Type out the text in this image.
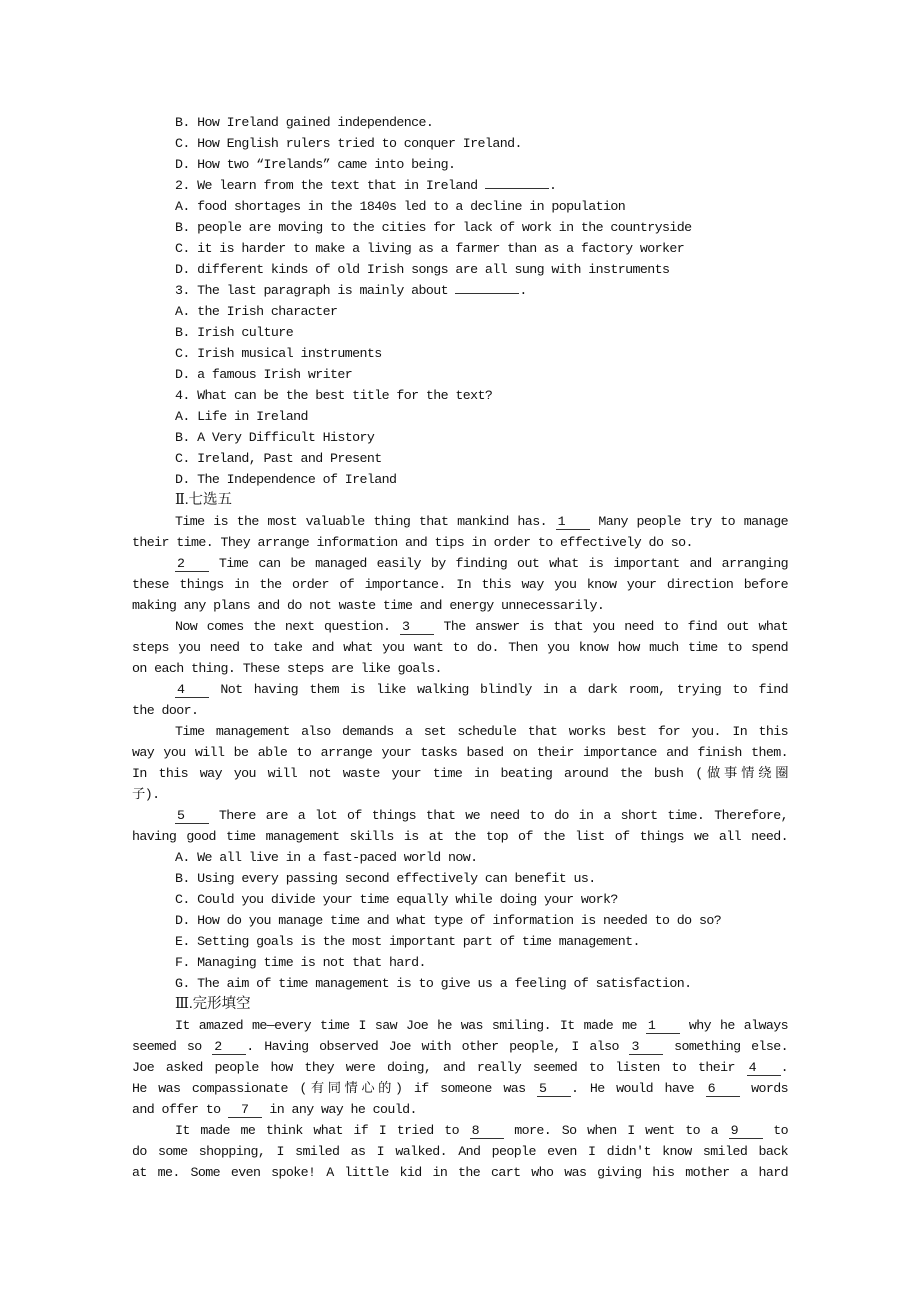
B. How Ireland gained independence.
C. How English rulers tried to conquer Ireland.
D. How two “Irelands” came into being.
2. We learn from the text that in Ireland	.
A. food shortages in the 1840s led to a decline in population
B. people are moving to the cities for lack of work in the countryside
C. it is harder to make a living as a farmer than as a factory worker
D. different kinds of old Irish songs are all sung with instruments
3. The last paragraph is mainly about	.
A. the Irish character
B. Irish culture
C. Irish musical instruments
D. a famous Irish writer
4. What can be the best title for the text?
A. Life in Ireland
B. A Very Difficult History
C. Ireland, Past and Present
D. The Independence of Ireland
Ⅱ.七选五
Time is the most valuable thing that mankind has. 1 Many people try to manage
their time. They arrange information and tips in order to effectively do so.
2	Time can be managed easily by finding out what is important and arranging
these things in the order of importance. In this way you know your direction before
making any plans and do not waste time and energy unnecessarily.
Now comes the next question. 3	The answer is that you need to find out what
steps you need to take and what you want to do. Then you know how much time to spend
on each thing. These steps are like goals.
4	Not having them is like walking blindly in a dark room, trying to find
the door.
Time management also demands a set schedule that works best for you. In this
way you will be able to arrange your tasks based on their importance and finish them.
In this way you will not waste your time in beating around the bush (做事情绕圈
子).
5	There are a lot of things that we need to do in a short time. Therefore,
having good time management skills is at the top of the list of things we all need.
A. We all live in a fast-paced world now.
B. Using every passing second effectively can benefit us.
C. Could you divide your time equally while doing your work?
D. How do you manage time and what type of information is needed to do so?
E. Setting goals is the most important part of time management.
F. Managing time is not that hard.
G. The aim of time management is to give us a feeling of satisfaction.
Ⅲ.完形填空
It amazed me—every time I saw Joe he was smiling. It made me 1 why he always
seemed so 2 . Having observed Joe with other people, I also 3	something else.
Joe asked people how they were doing, and really seemed to listen to their 4 .
He was compassionate (有同情心的) if someone was 5 . He would have 6	words
and offer to 7 in any way he could.
It made me think what if I tried to 8	more. So when I went to a 9	to
do some shopping, I smiled as I walked. And people even I didn't know smiled back
at me. Some even spoke! A little kid in the cart who was giving his mother a hard
